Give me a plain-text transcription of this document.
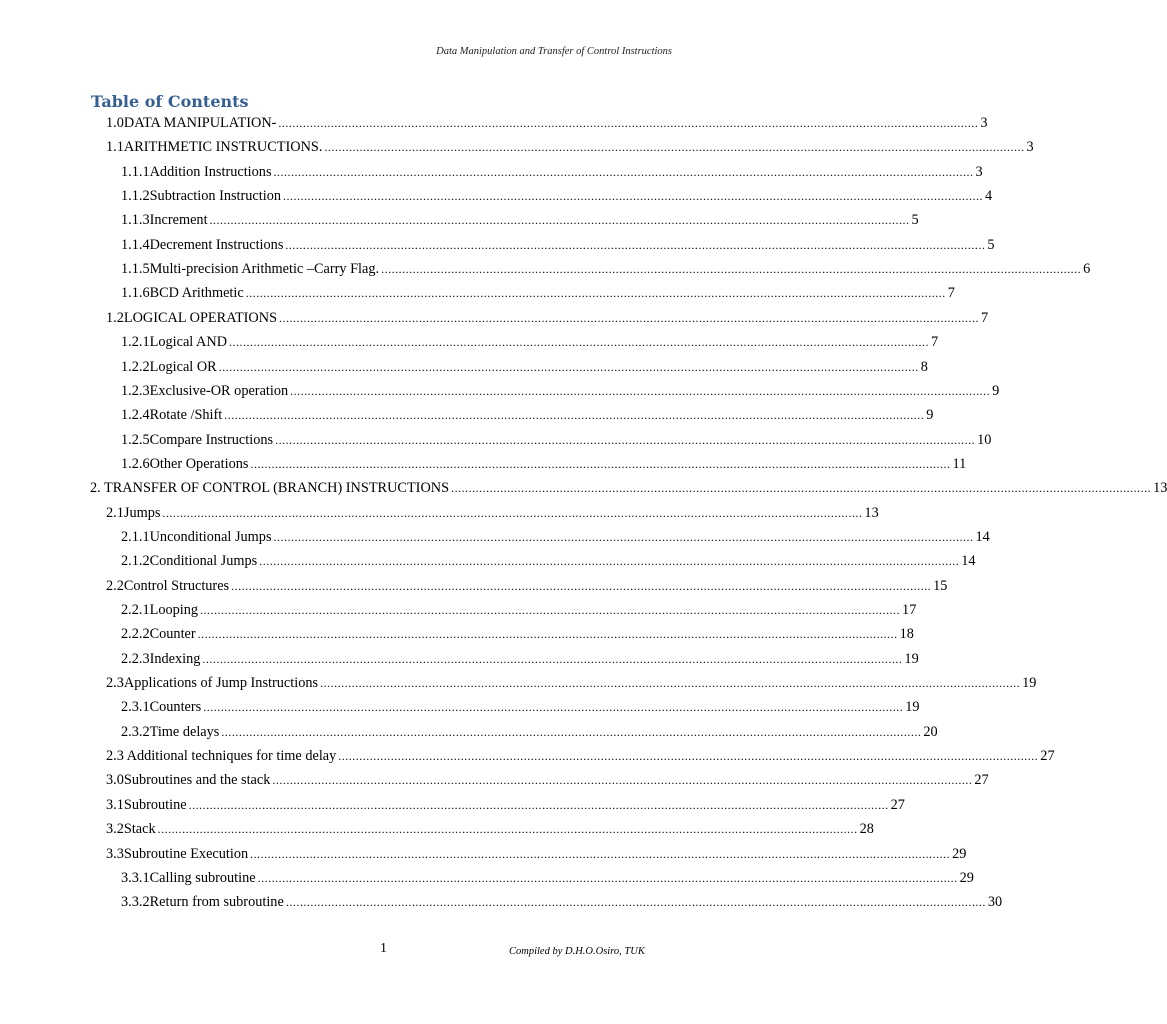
Data Manipulation and Transfer of Control Instructions
Table of Contents
1.0 DATA MANIPULATION- ........................................................................................................................................................................................................ 3
1.1 ARITHMETIC INSTRUCTIONS. ........................................................................................................................................................................................................ 3
1.1.1 Addition Instructions ........................................................................................................................................................................................................ 3
1.1.2 Subtraction Instruction ........................................................................................................................................................................................................ 4
1.1.3 Increment ........................................................................................................................................................................................................ 5
1.1.4 Decrement Instructions ........................................................................................................................................................................................................ 5
1.1.5 Multi-precision Arithmetic –Carry Flag. ........................................................................................................................................................................................................ 6
1.1.6 BCD Arithmetic ........................................................................................................................................................................................................ 7
1.2 LOGICAL OPERATIONS ........................................................................................................................................................................................................ 7
1.2.1 Logical AND ........................................................................................................................................................................................................ 7
1.2.2 Logical OR ........................................................................................................................................................................................................ 8
1.2.3 Exclusive-OR operation ........................................................................................................................................................................................................ 9
1.2.4 Rotate /Shift ........................................................................................................................................................................................................ 9
1.2.5 Compare Instructions ........................................................................................................................................................................................................ 10
1.2.6 Other Operations ........................................................................................................................................................................................................ 11
2. TRANSFER OF CONTROL (BRANCH) INSTRUCTIONS ........................................................................................................................................................................................................ 13
2.1 Jumps ........................................................................................................................................................................................................ 13
2.1.1 Unconditional Jumps ........................................................................................................................................................................................................ 14
2.1.2 Conditional Jumps ........................................................................................................................................................................................................ 14
2.2 Control Structures ........................................................................................................................................................................................................ 15
2.2.1 Looping ........................................................................................................................................................................................................ 17
2.2.2 Counter ........................................................................................................................................................................................................ 18
2.2.3 Indexing ........................................................................................................................................................................................................ 19
2.3 Applications of Jump Instructions ........................................................................................................................................................................................................ 19
2.3.1 Counters ........................................................................................................................................................................................................ 19
2.3.2 Time delays ........................................................................................................................................................................................................ 20
2.3 Additional techniques for time delay ........................................................................................................................................................................................................ 27
3.0 Subroutines and the stack ........................................................................................................................................................................................................ 27
3.1 Subroutine ........................................................................................................................................................................................................ 27
3.2 Stack ........................................................................................................................................................................................................ 28
3.3 Subroutine Execution ........................................................................................................................................................................................................ 29
3.3.1 Calling subroutine ........................................................................................................................................................................................................ 29
3.3.2 Return from subroutine ........................................................................................................................................................................................................ 30
1	Compiled by D.H.O.Osiro, TUK
